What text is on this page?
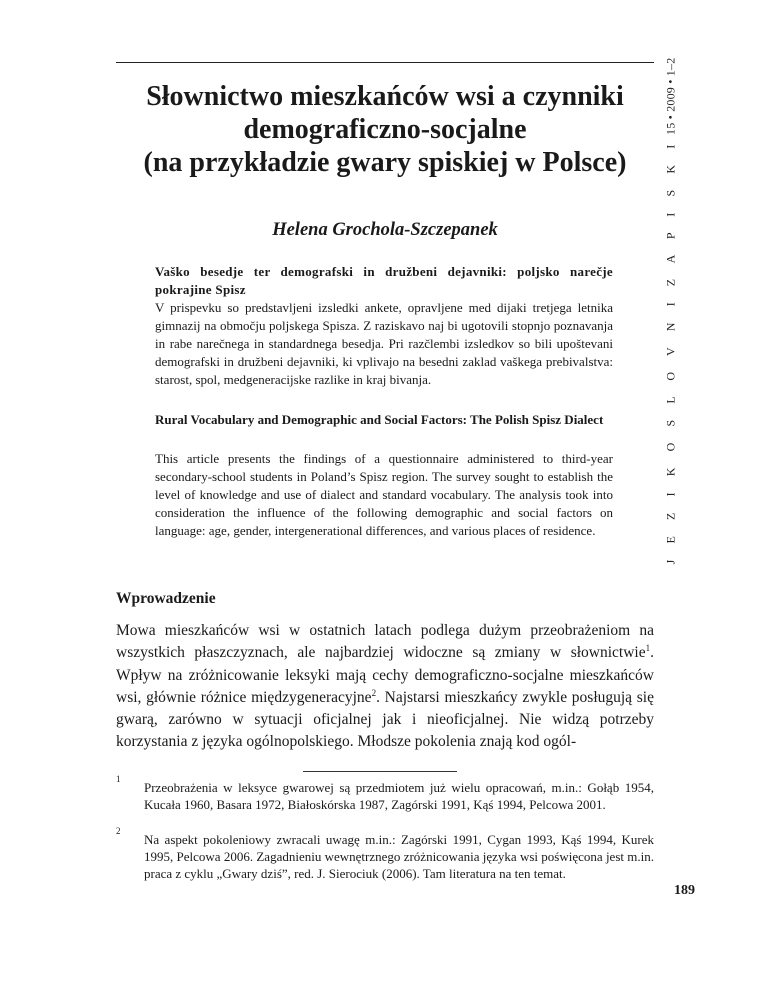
J E Z I K O S L O V N I Z A P I S K I 15 • 2009 • 1–2
Słownictwo mieszkańców wsi a czynniki
demograficzno-socjalne
(na przykładzie gwary spiskiej w Polsce)

Helena Grochola-Szczepanek

Vaško besedje ter demografski in družbeni dejavniki: poljsko narečje pokrajine Spisz

V prispevku so predstavljeni izsledki ankete, opravljene med dijaki tretjega letnika gimnazij na območju poljskega Spisza. Z raziskavo naj bi ugotovili stopnjo poznavanja in rabe narečnega in standardnega besedja. Pri razčlembi izsledkov so bili upoštevani demografski in družbeni dejavniki, ki vplivajo na besedni zaklad vaškega prebivalstva: starost, spol, medgeneracijske razlike in kraj bivanja.

Rural Vocabulary and Demographic and Social Factors: The Polish Spisz Dialect

This article presents the findings of a questionnaire administered to third-year secondary-school students in Poland’s Spisz region. The survey sought to establish the level of knowledge and use of dialect and standard vocabulary. The analysis took into consideration the influence of the following demographic and social factors on language: age, gender, intergenerational differences, and various places of residence.

Wprowadzenie

Mowa mieszkańców wsi w ostatnich latach podlega dużym przeobrażeniom na wszystkich płaszczyznach, ale najbardziej widoczne są zmiany w słownictwie$^1$. Wpływ na zróżnicowanie leksyki mają cechy demograficzno-socjalne mieszkańców wsi, głównie różnice międzygeneracyjne$^2$. Najstarsi mieszkańcy zwykle posługują się gwarą, zarówno w sytuacji oficjalnej jak i nieoficjalnej. Nie widzą potrzeby korzystania z języka ogólnopolskiego. Młodsze pokolenia znają kod ogól-

1
Przeobrażenia w leksyce gwarowej są przedmiotem już wielu opracowań, m.in.: Gołąb 1954, Kucała 1960, Basara 1972, Białoskórska 1987, Zagórski 1991, Kąś 1994, Pelcowa 2001.
2
Na aspekt pokoleniowy zwracali uwagę m.in.: Zagórski 1991, Cygan 1993, Kąś 1994, Kurek 1995, Pelcowa 2006. Zagadnieniu wewnętrznego zróżnicowania języka wsi poświęcona jest m.in. praca z cyklu „Gwary dziś”, red. J. Sierociuk (2006). Tam literatura na ten temat.
189
